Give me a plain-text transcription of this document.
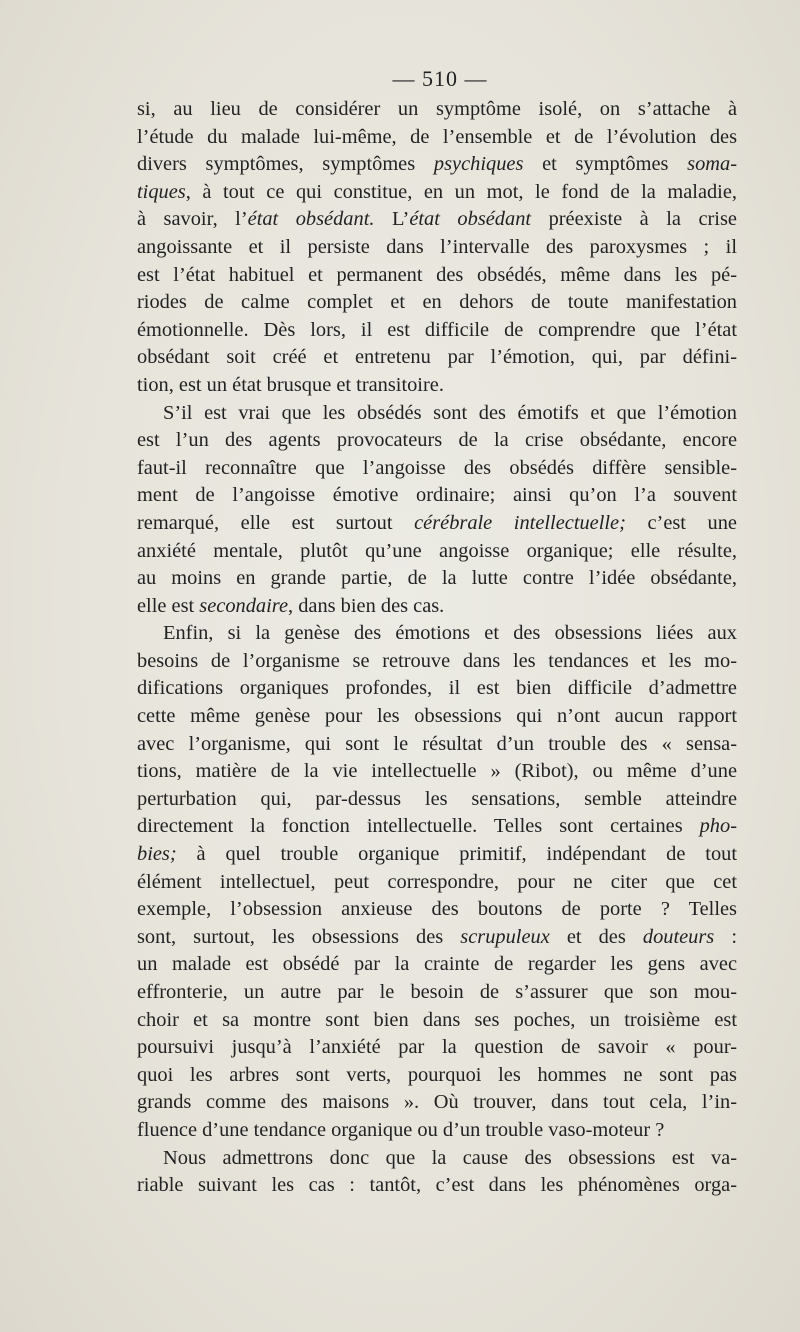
— 510 —
si, au lieu de considérer un symptôme isolé, on s’attache à
l’étude du malade lui-même, de l’ensemble et de l’évolution des
divers symptômes, symptômes psychiques et symptômes soma-
tiques, à tout ce qui constitue, en un mot, le fond de la maladie,
à savoir, l’état obsédant. L’état obsédant préexiste à la crise
angoissante et il persiste dans l’intervalle des paroxysmes ; il
est l’état habituel et permanent des obsédés, même dans les pé-
riodes de calme complet et en dehors de toute manifestation
émotionnelle. Dès lors, il est difficile de comprendre que l’état
obsédant soit créé et entretenu par l’émotion, qui, par défini-
tion, est un état brusque et transitoire.
S’il est vrai que les obsédés sont des émotifs et que l’émotion
est l’un des agents provocateurs de la crise obsédante, encore
faut-il reconnaître que l’angoisse des obsédés diffère sensible-
ment de l’angoisse émotive ordinaire; ainsi qu’on l’a souvent
remarqué, elle est surtout cérébrale intellectuelle; c’est une
anxiété mentale, plutôt qu’une angoisse organique; elle résulte,
au moins en grande partie, de la lutte contre l’idée obsédante,
elle est secondaire, dans bien des cas.
Enfin, si la genèse des émotions et des obsessions liées aux
besoins de l’organisme se retrouve dans les tendances et les mo-
difications organiques profondes, il est bien difficile d’admettre
cette même genèse pour les obsessions qui n’ont aucun rapport
avec l’organisme, qui sont le résultat d’un trouble des « sensa-
tions, matière de la vie intellectuelle » (Ribot), ou même d’une
perturbation qui, par-dessus les sensations, semble atteindre
directement la fonction intellectuelle. Telles sont certaines pho-
bies; à quel trouble organique primitif, indépendant de tout
élément intellectuel, peut correspondre, pour ne citer que cet
exemple, l’obsession anxieuse des boutons de porte ? Telles
sont, surtout, les obsessions des scrupuleux et des douteurs :
un malade est obsédé par la crainte de regarder les gens avec
effronterie, un autre par le besoin de s’assurer que son mou-
choir et sa montre sont bien dans ses poches, un troisième est
poursuivi jusqu’à l’anxiété par la question de savoir « pour-
quoi les arbres sont verts, pourquoi les hommes ne sont pas
grands comme des maisons ». Où trouver, dans tout cela, l’in-
fluence d’une tendance organique ou d’un trouble vaso-moteur ?
Nous admettrons donc que la cause des obsessions est va-
riable suivant les cas : tantôt, c’est dans les phénomènes orga-
